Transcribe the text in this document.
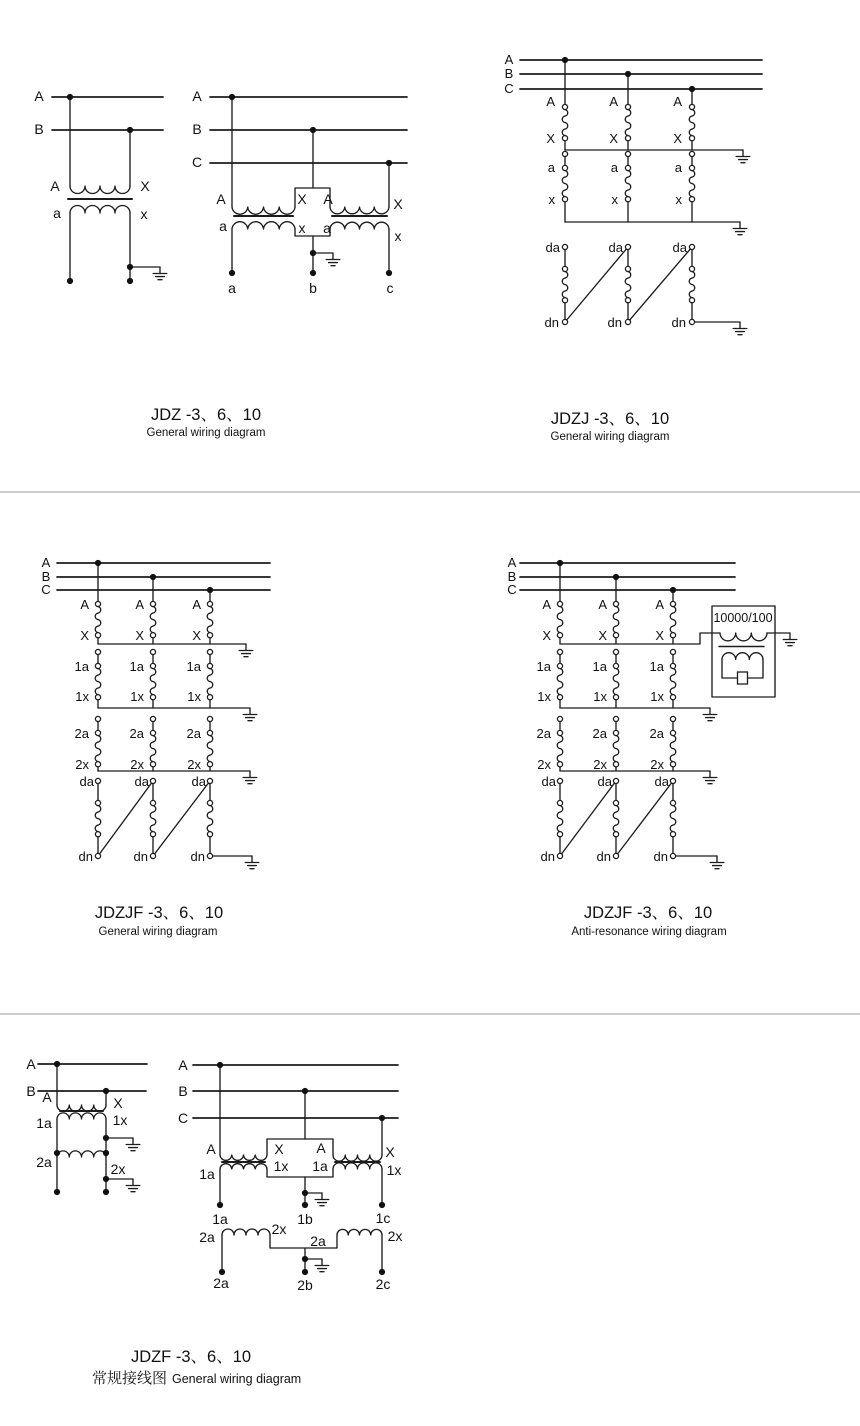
A
B
A	X
a	x
A
B
C
A	X A	X
a	x a	x
a	b	c
JDZ -3、6、10
General wiring diagram
A
B
C
A
X
A
X
A
X
a
x
a
x
a
x
da
dn
da
dn
da
dn
JDZJ -3、6、10
General wiring diagram
A
B
C
A
X
A
X
A
X
1a
1x
1a
1x
1a
1x
2a
2x
2a
2x
2a
2x
da
dn
da
dn
da
dn
JDZJF -3、6、10
General wiring diagram
10000/100
A
B
C
A
X
A
X
A
X
1a
1x
1a
1x
1a
1x
2a
2x
2a
2x
2a
2x
da
dn
da
dn
da
dn
JDZJF -3、6、10
Anti-resonance wiring diagram
A
B A	X
1a	1x
2a	2x
A
B
C
A	X A	X
1a	1x 1a	1x
1a	1b	1c
2a	2x
2a	2x
2a	2b	2c
JDZF -3、6、10
常规接线图 General wiring diagram
